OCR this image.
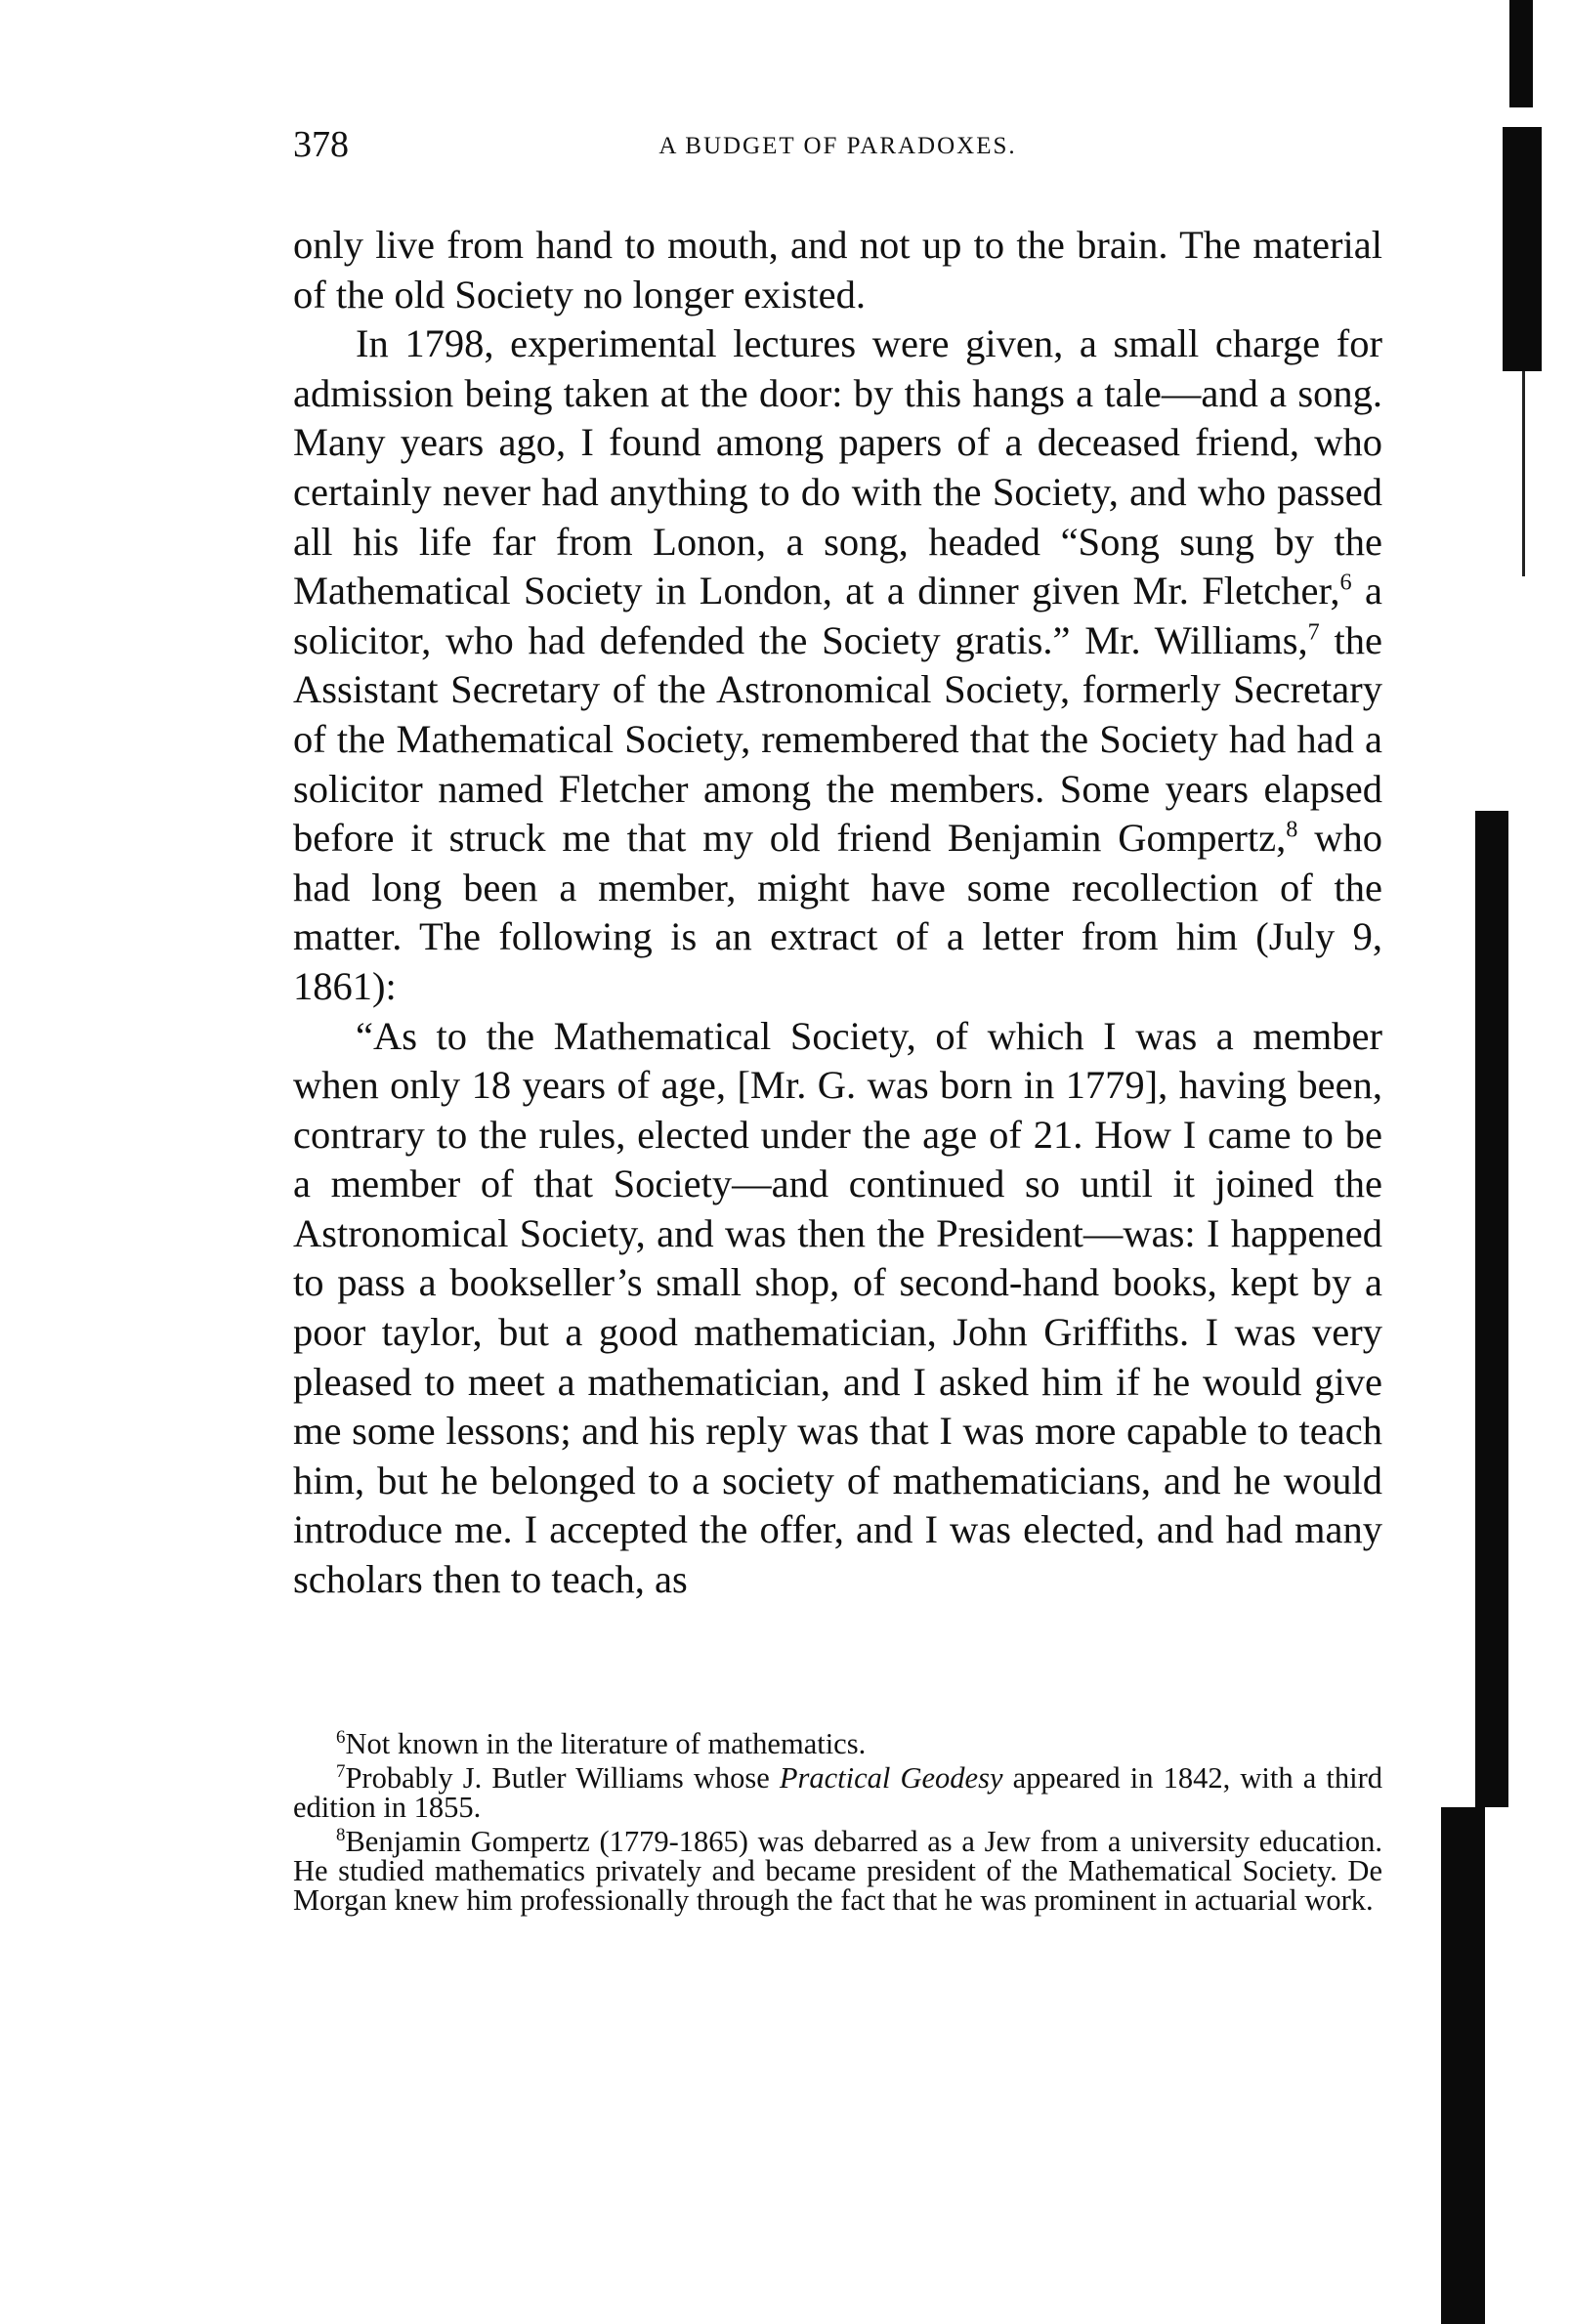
378	A BUDGET OF PARADOXES.

only live from hand to mouth, and not up to the brain. The material of the old Society no longer existed.

In 1798, experimental lectures were given, a small charge for admission being taken at the door: by this hangs a tale—and a song. Many years ago, I found among papers of a deceased friend, who certainly never had anything to do with the Society, and who passed all his life far from Lonon, a song, headed “Song sung by the Mathematical Society in London, at a dinner given Mr. Fletcher,$^6$ a solicitor, who had defended the Society gratis.” Mr. Williams,$^7$ the Assistant Secretary of the Astronomical Society, formerly Secretary of the Mathematical Society, remembered that the Society had had a solicitor named Fletcher among the members. Some years elapsed before it struck me that my old friend Benjamin Gompertz,$^8$ who had long been a member, might have some recollection of the matter. The following is an extract of a letter from him (July 9, 1861):

“As to the Mathematical Society, of which I was a member when only 18 years of age, [Mr. G. was born in 1779], having been, contrary to the rules, elected under the age of 21. How I came to be a member of that Society—and continued so until it joined the Astronomical Society, and was then the President—was: I happened to pass a bookseller’s small shop, of second-hand books, kept by a poor taylor, but a good mathematician, John Griffiths. I was very pleased to meet a mathematician, and I asked him if he would give me some lessons; and his reply was that I was more capable to teach him, but he belonged to a society of mathematicians, and he would introduce me. I accepted the offer, and I was elected, and had many scholars then to teach, as

$^6$Not known in the literature of mathematics.

$^7$Probably J. Butler Williams whose Practical Geodesy appeared in 1842, with a third edition in 1855.

$^8$Benjamin Gompertz (1779-1865) was debarred as a Jew from a university education. He studied mathematics privately and became president of the Mathematical Society. De Morgan knew him professionally through the fact that he was prominent in actuarial work.
